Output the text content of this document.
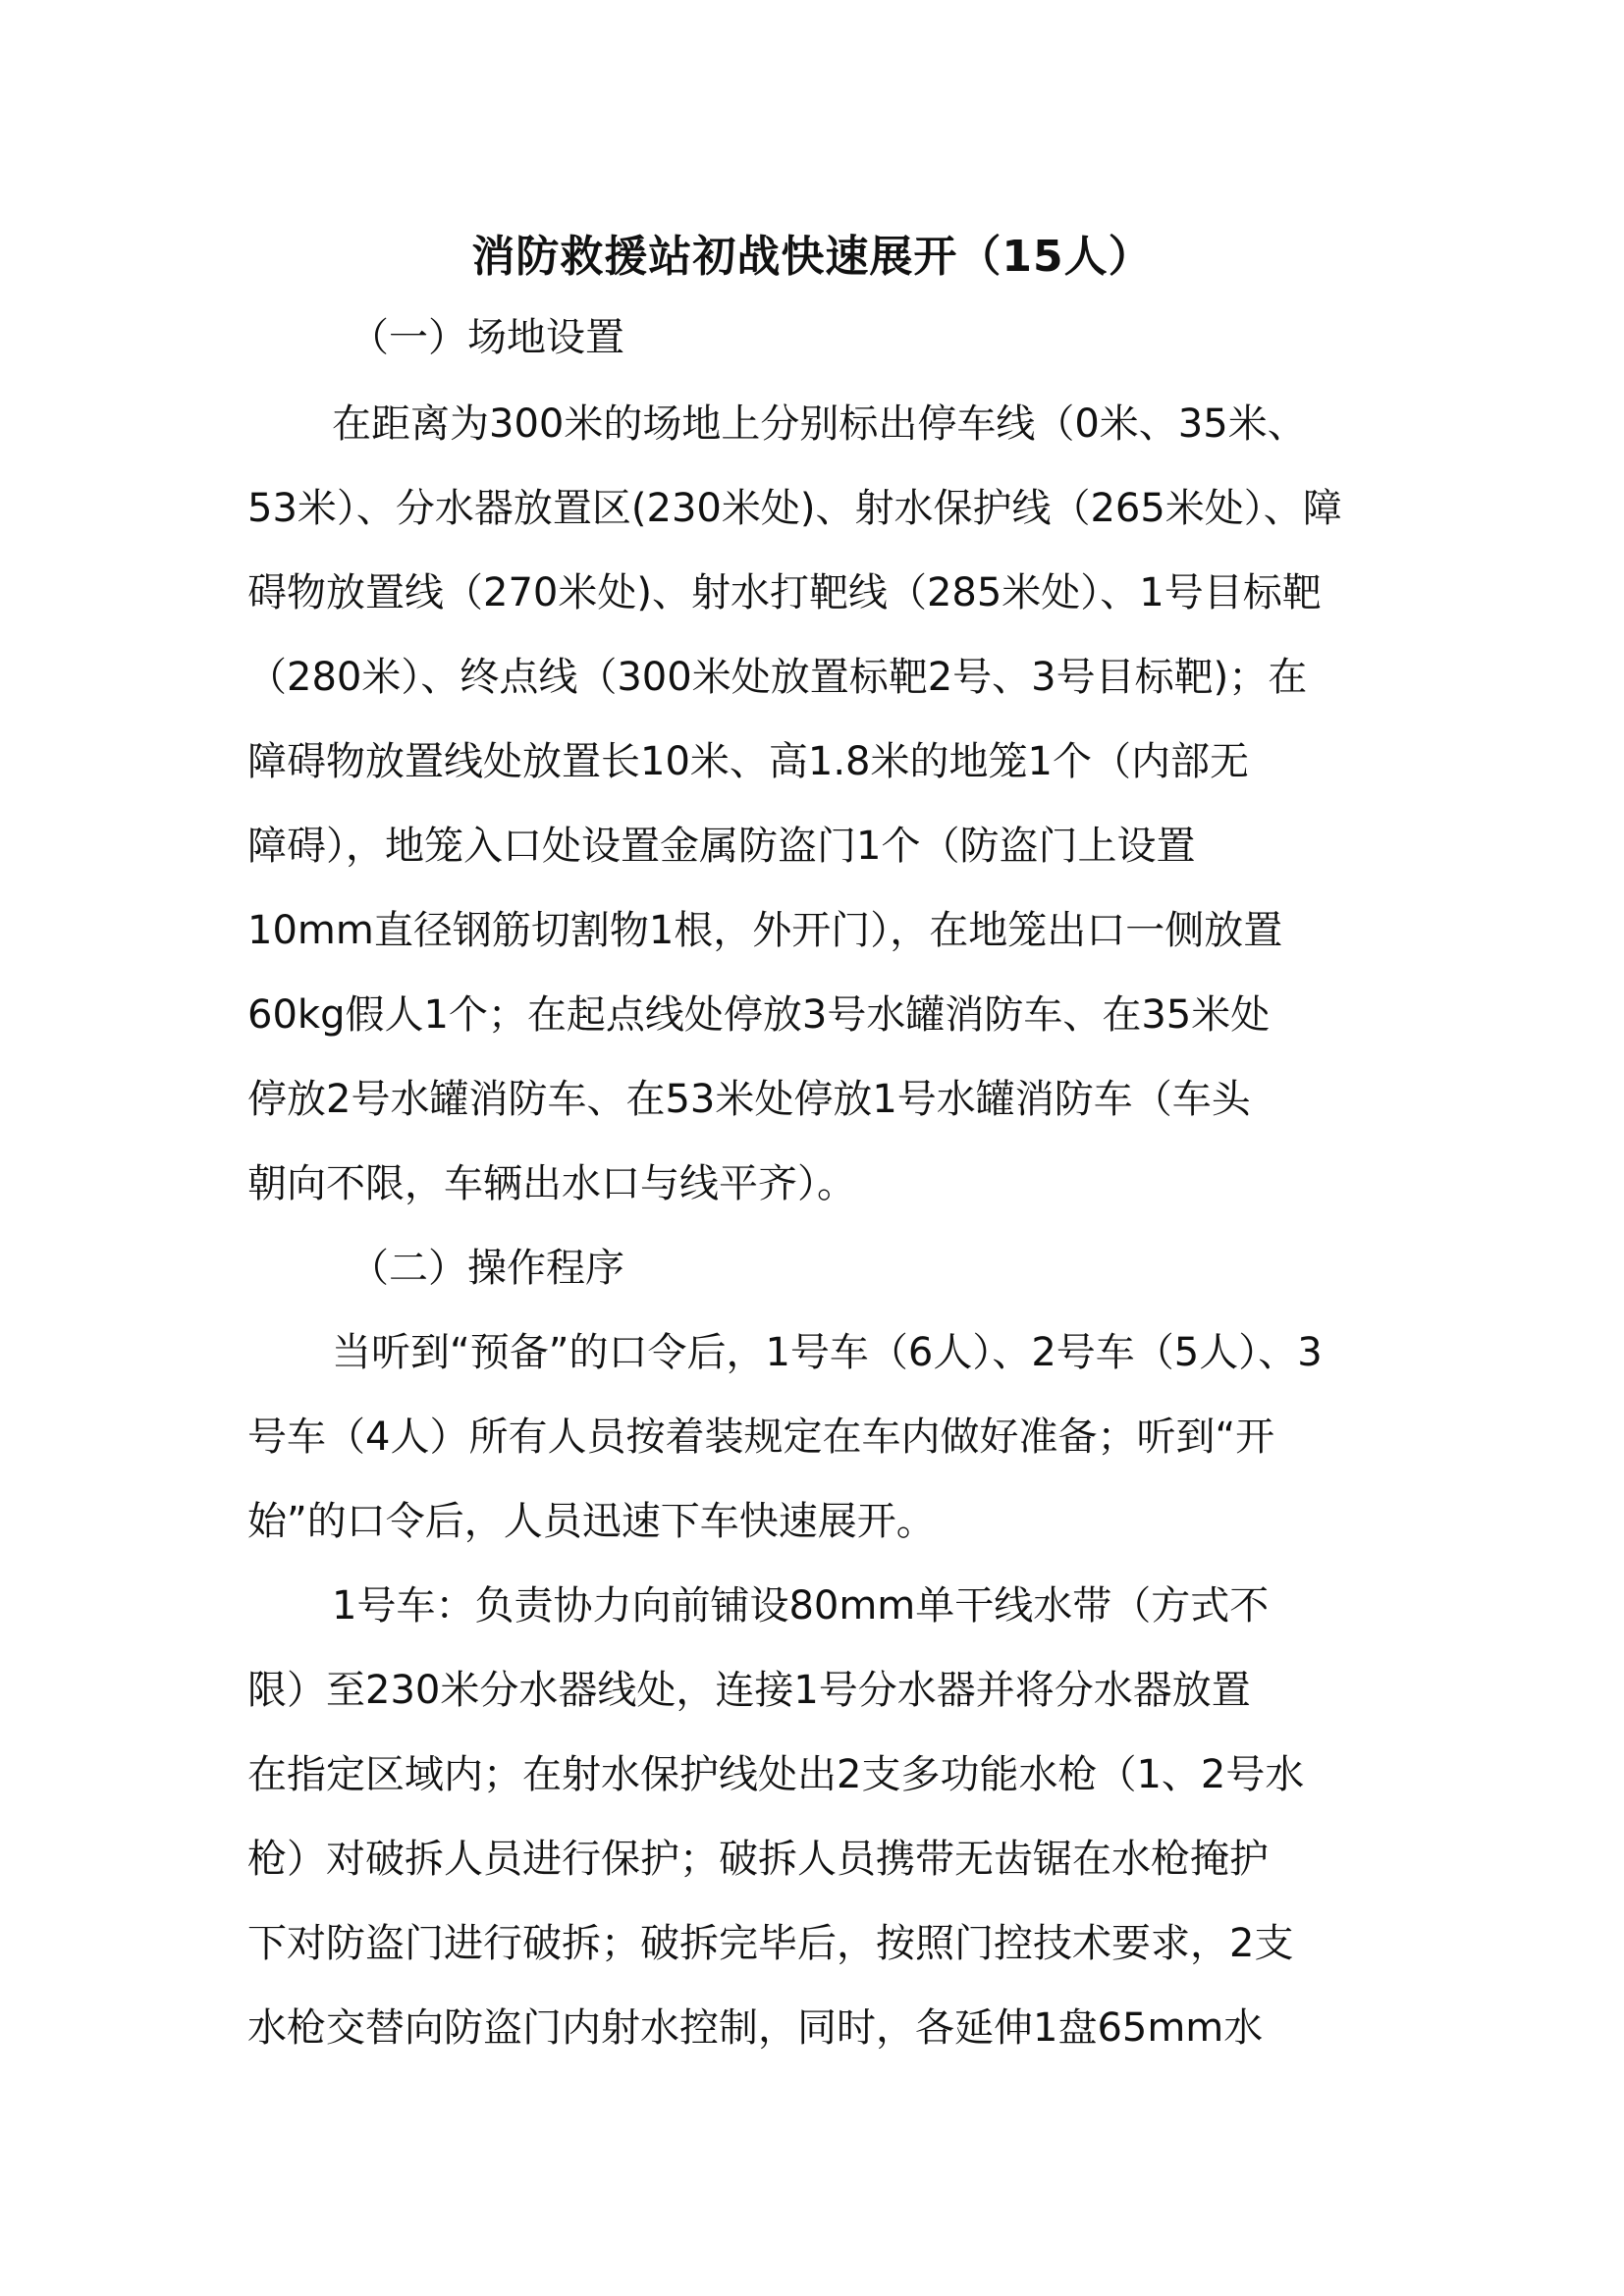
消防救援站初战快速展开（15人）
（一）场地设置
在距离为300米的场地上分别标出停车线（0米、35米、
53米）、分水器放置区(230米处)、射水保护线（265米处）、障
碍物放置线（270米处)、射水打靶线（285米处）、1号目标靶
（280米）、终点线（300米处放置标靶2号、3号目标靶)；在
障碍物放置线处放置长10米、高1.8米的地笼1个（内部无
障碍），地笼入口处设置金属防盗门1个（防盗门上设置
10mm直径钢筋切割物1根，外开门），在地笼出口一侧放置
60kg假人1个；在起点线处停放3号水罐消防车、在35米处
停放2号水罐消防车、在53米处停放1号水罐消防车（车头
朝向不限，车辆出水口与线平齐）。
（二）操作程序
当听到“预备”的口令后，1号车（6人）、2号车（5人）、3
号车（4人）所有人员按着装规定在车内做好准备；听到“开
始”的口令后，人员迅速下车快速展开。
1号车：负责协力向前铺设80mm单干线水带（方式不
限）至230米分水器线处，连接1号分水器并将分水器放置
在指定区域内；在射水保护线处出2支多功能水枪（1、2号水
枪）对破拆人员进行保护；破拆人员携带无齿锯在水枪掩护
下对防盗门进行破拆；破拆完毕后，按照门控技术要求，2支
水枪交替向防盗门内射水控制，同时，各延伸1盘65mm水
